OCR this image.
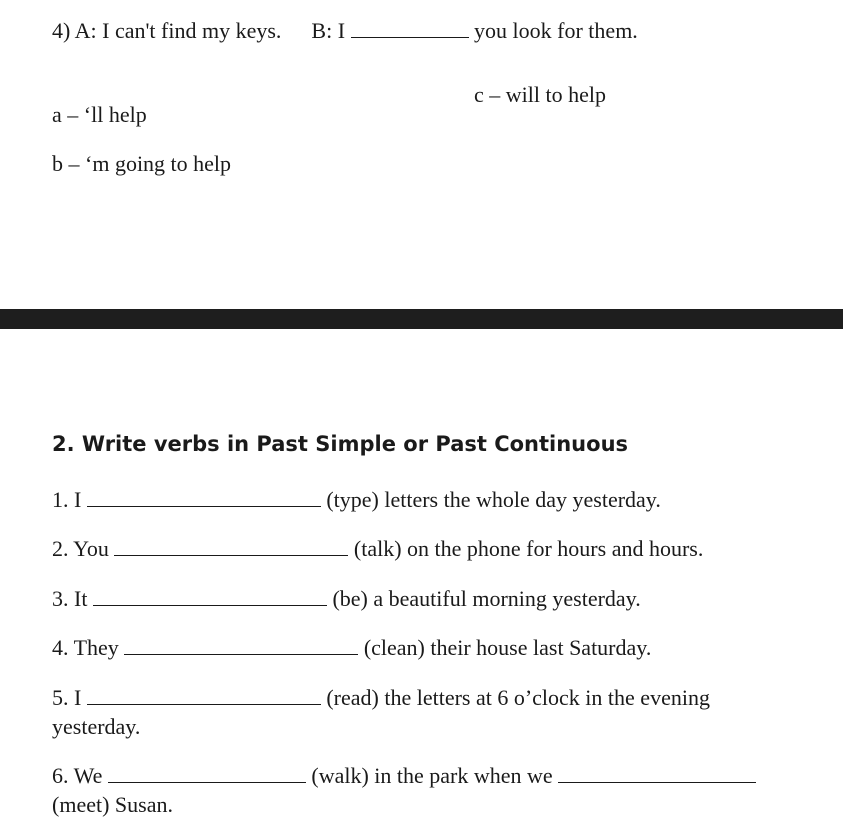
4) A: I can't find my keys. B: I	you look for them.
c – will to help
a – ‘ll help
b – ‘m going to help
2. Write verbs in Past Simple or Past Continuous
1. I	(type) letters the whole day yesterday.
2. You	(talk) on the phone for hours and hours.
3. It	(be) a beautiful morning yesterday.
4. They	(clean) their house last Saturday.
5. I	(read) the letters at 6 o’clock in the evening
yesterday.
6. We	(walk) in the park when we
(meet) Susan.
